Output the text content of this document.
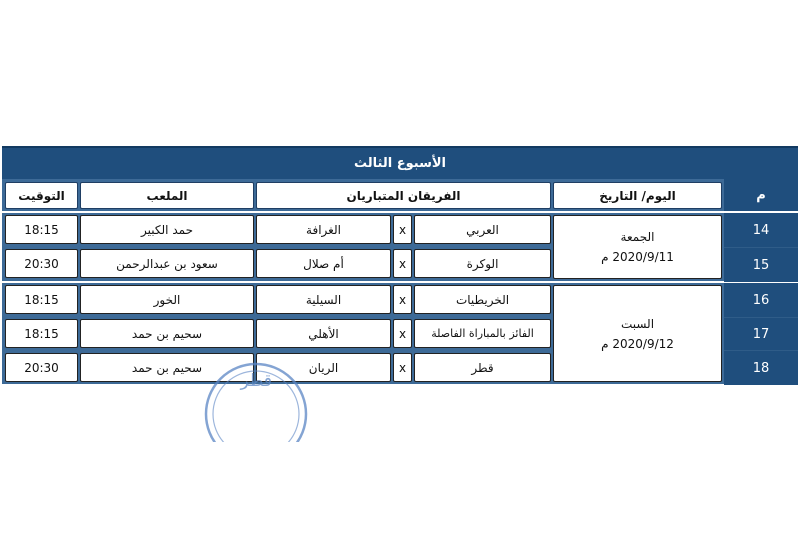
الأسبوع الثالث
م
اليوم/ التاريخ
الفريقان المتباريان
الملعب
التوقيت
14
15
16
17
18
الجمعة
2020/9/11 م
السبت
2020/9/12 م
العربي
x
الغرافة
حمد الكبير
18:15
الوكرة
x
أم صلال
سعود بن عبدالرحمن
20:30
الخريطيات
x
السيلية
الخور
18:15
الفائز بالمباراة الفاصلة
x
الأهلي
سحيم بن حمد
18:15
قطر
x
الريان
سحيم بن حمد
20:30
قطر
